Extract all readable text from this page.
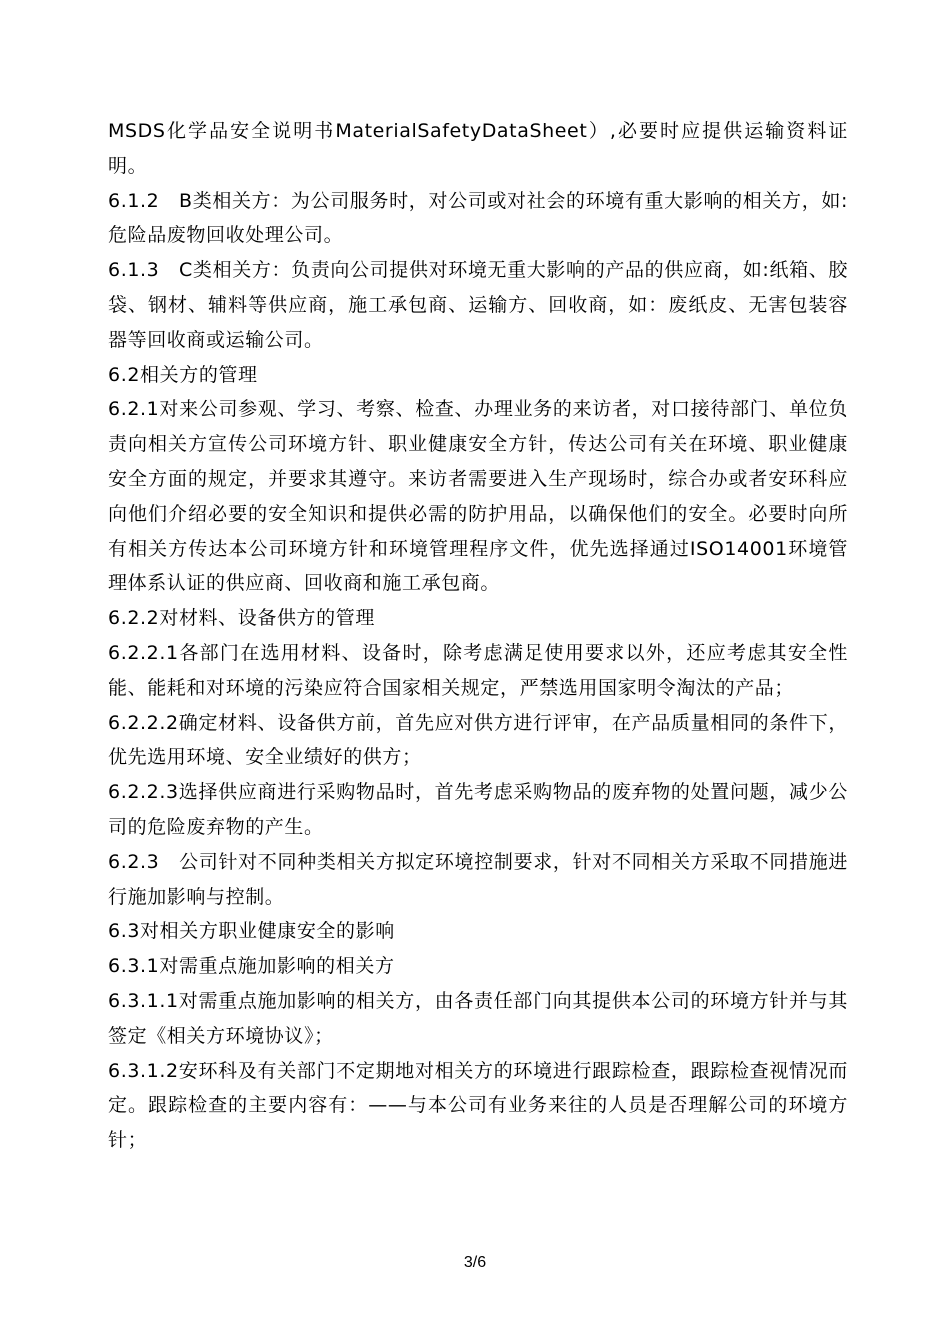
MSDS化学品安全说明书MaterialSafetyDataSheet）,必要时应提供运输资料证明。

6.1.2　B类相关方：为公司服务时，对公司或对社会的环境有重大影响的相关方，如:危险品废物回收处理公司。

6.1.3　C类相关方：负责向公司提供对环境无重大影响的产品的供应商，如:纸箱、胶袋、钢材、辅料等供应商，施工承包商、运输方、回收商，如：废纸皮、无害包装容器等回收商或运输公司。

6.2相关方的管理

6.2.1对来公司参观、学习、考察、检查、办理业务的来访者，对口接待部门、单位负责向相关方宣传公司环境方针、职业健康安全方针，传达公司有关在环境、职业健康安全方面的规定，并要求其遵守。来访者需要进入生产现场时，综合办或者安环科应向他们介绍必要的安全知识和提供必需的防护用品，以确保他们的安全。必要时向所有相关方传达本公司环境方针和环境管理程序文件，优先选择通过ISO14001环境管理体系认证的供应商、回收商和施工承包商。

6.2.2对材料、设备供方的管理

6.2.2.1各部门在选用材料、设备时，除考虑满足使用要求以外，还应考虑其安全性能、能耗和对环境的污染应符合国家相关规定，严禁选用国家明令淘汰的产品；

6.2.2.2确定材料、设备供方前，首先应对供方进行评审，在产品质量相同的条件下，优先选用环境、安全业绩好的供方；

6.2.2.3选择供应商进行采购物品时，首先考虑采购物品的废弃物的处置问题，减少公司的危险废弃物的产生。

6.2.3　公司针对不同种类相关方拟定环境控制要求，针对不同相关方采取不同措施进行施加影响与控制。

6.3对相关方职业健康安全的影响

6.3.1对需重点施加影响的相关方

6.3.1.1对需重点施加影响的相关方，由各责任部门向其提供本公司的环境方针并与其签定《相关方环境协议》；

6.3.1.2安环科及有关部门不定期地对相关方的环境进行跟踪检查，跟踪检查视情况而定。跟踪检查的主要内容有：——与本公司有业务来往的人员是否理解公司的环境方针；

3/6
